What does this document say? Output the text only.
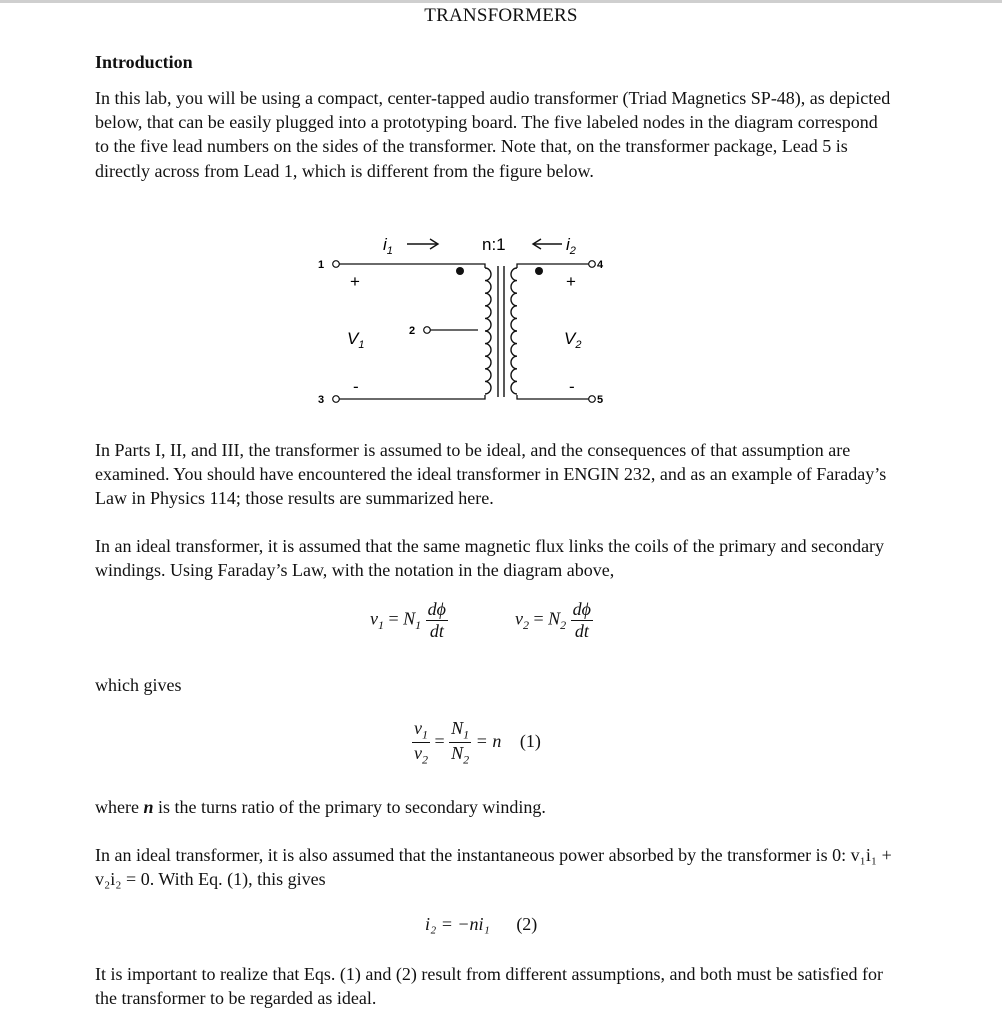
TRANSFORMERS
Introduction
In this lab, you will be using a compact, center-tapped audio transformer (Triad Magnetics SP-48), as depicted below, that can be easily plugged into a prototyping board. The five labeled nodes in the diagram correspond to the five lead numbers on the sides of the transformer. Note that, on the transformer package, Lead 5 is directly across from Lead 1, which is different from the figure below.
1
2
3
4
5
+
-
+
-
$V_1$	$V_2$
$i_1$	n:1	$i_2$
In Parts I, II, and III, the transformer is assumed to be ideal, and the consequences of that assumption are examined. You should have encountered the ideal transformer in ENGIN 232, and as an example of Faraday’s Law in Physics 114; those results are summarized here.
In an ideal transformer, it is assumed that the same magnetic flux links the coils of the primary and secondary windings. Using Faraday’s Law, with the notation in the diagram above,
$v_1 = N_1 \frac{d\phi}{dt}$	$v_2 = N_2 \frac{d\phi}{dt}$
which gives
$\frac{v_1}{v_2} = \frac{N_1}{N_2} = n$ (1)
where n is the turns ratio of the primary to secondary winding.
In an ideal transformer, it is also assumed that the instantaneous power absorbed by the transformer is 0: v₁i₁ + v₂i₂ = 0. With Eq. (1), this gives
i₂ = −ni₁ (2)
It is important to realize that Eqs. (1) and (2) result from different assumptions, and both must be satisfied for the transformer to be regarded as ideal.
